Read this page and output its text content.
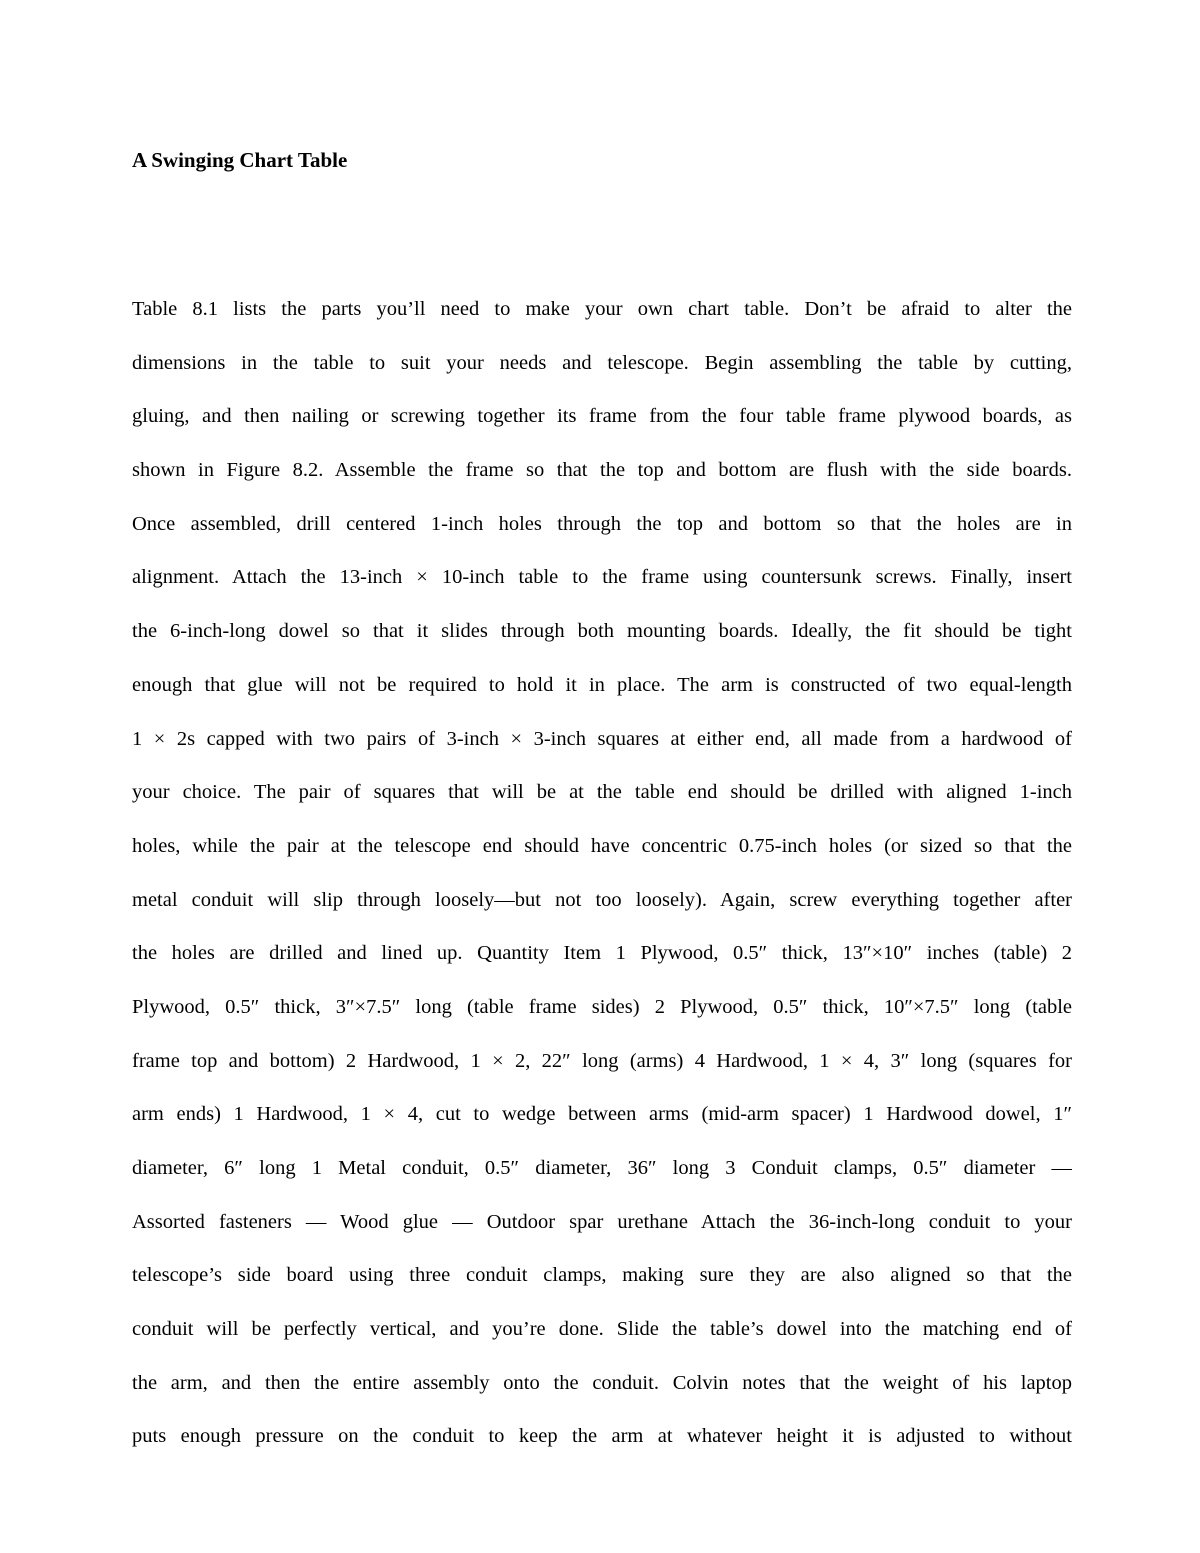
A Swinging Chart Table
Table 8.1 lists the parts you’ll need to make your own chart table. Don’t be afraid to alter the
dimensions in the table to suit your needs and telescope. Begin assembling the table by cutting,
gluing, and then nailing or screwing together its frame from the four table frame plywood boards, as
shown in Figure 8.2. Assemble the frame so that the top and bottom are flush with the side boards.
Once assembled, drill centered 1-inch holes through the top and bottom so that the holes are in
alignment. Attach the 13-inch × 10-inch table to the frame using countersunk screws. Finally, insert
the 6-inch-long dowel so that it slides through both mounting boards. Ideally, the fit should be tight
enough that glue will not be required to hold it in place. The arm is constructed of two equal-length
1 × 2s capped with two pairs of 3-inch × 3-inch squares at either end, all made from a hardwood of
your choice. The pair of squares that will be at the table end should be drilled with aligned 1-inch
holes, while the pair at the telescope end should have concentric 0.75-inch holes (or sized so that the
metal conduit will slip through loosely—but not too loosely). Again, screw everything together after
the holes are drilled and lined up. Quantity Item 1 Plywood, 0.5″ thick, 13″×10″ inches (table) 2
Plywood, 0.5″ thick, 3″×7.5″ long (table frame sides) 2 Plywood, 0.5″ thick, 10″×7.5″ long (table
frame top and bottom) 2 Hardwood, 1 × 2, 22″ long (arms) 4 Hardwood, 1 × 4, 3″ long (squares for
arm ends) 1 Hardwood, 1 × 4, cut to wedge between arms (mid-arm spacer) 1 Hardwood dowel, 1″
diameter, 6″ long 1 Metal conduit, 0.5″ diameter, 36″ long 3 Conduit clamps, 0.5″ diameter —
Assorted fasteners — Wood glue — Outdoor spar urethane Attach the 36-inch-long conduit to your
telescope’s side board using three conduit clamps, making sure they are also aligned so that the
conduit will be perfectly vertical, and you’re done. Slide the table’s dowel into the matching end of
the arm, and then the entire assembly onto the conduit. Colvin notes that the weight of his laptop
puts enough pressure on the conduit to keep the arm at whatever height it is adjusted to without
